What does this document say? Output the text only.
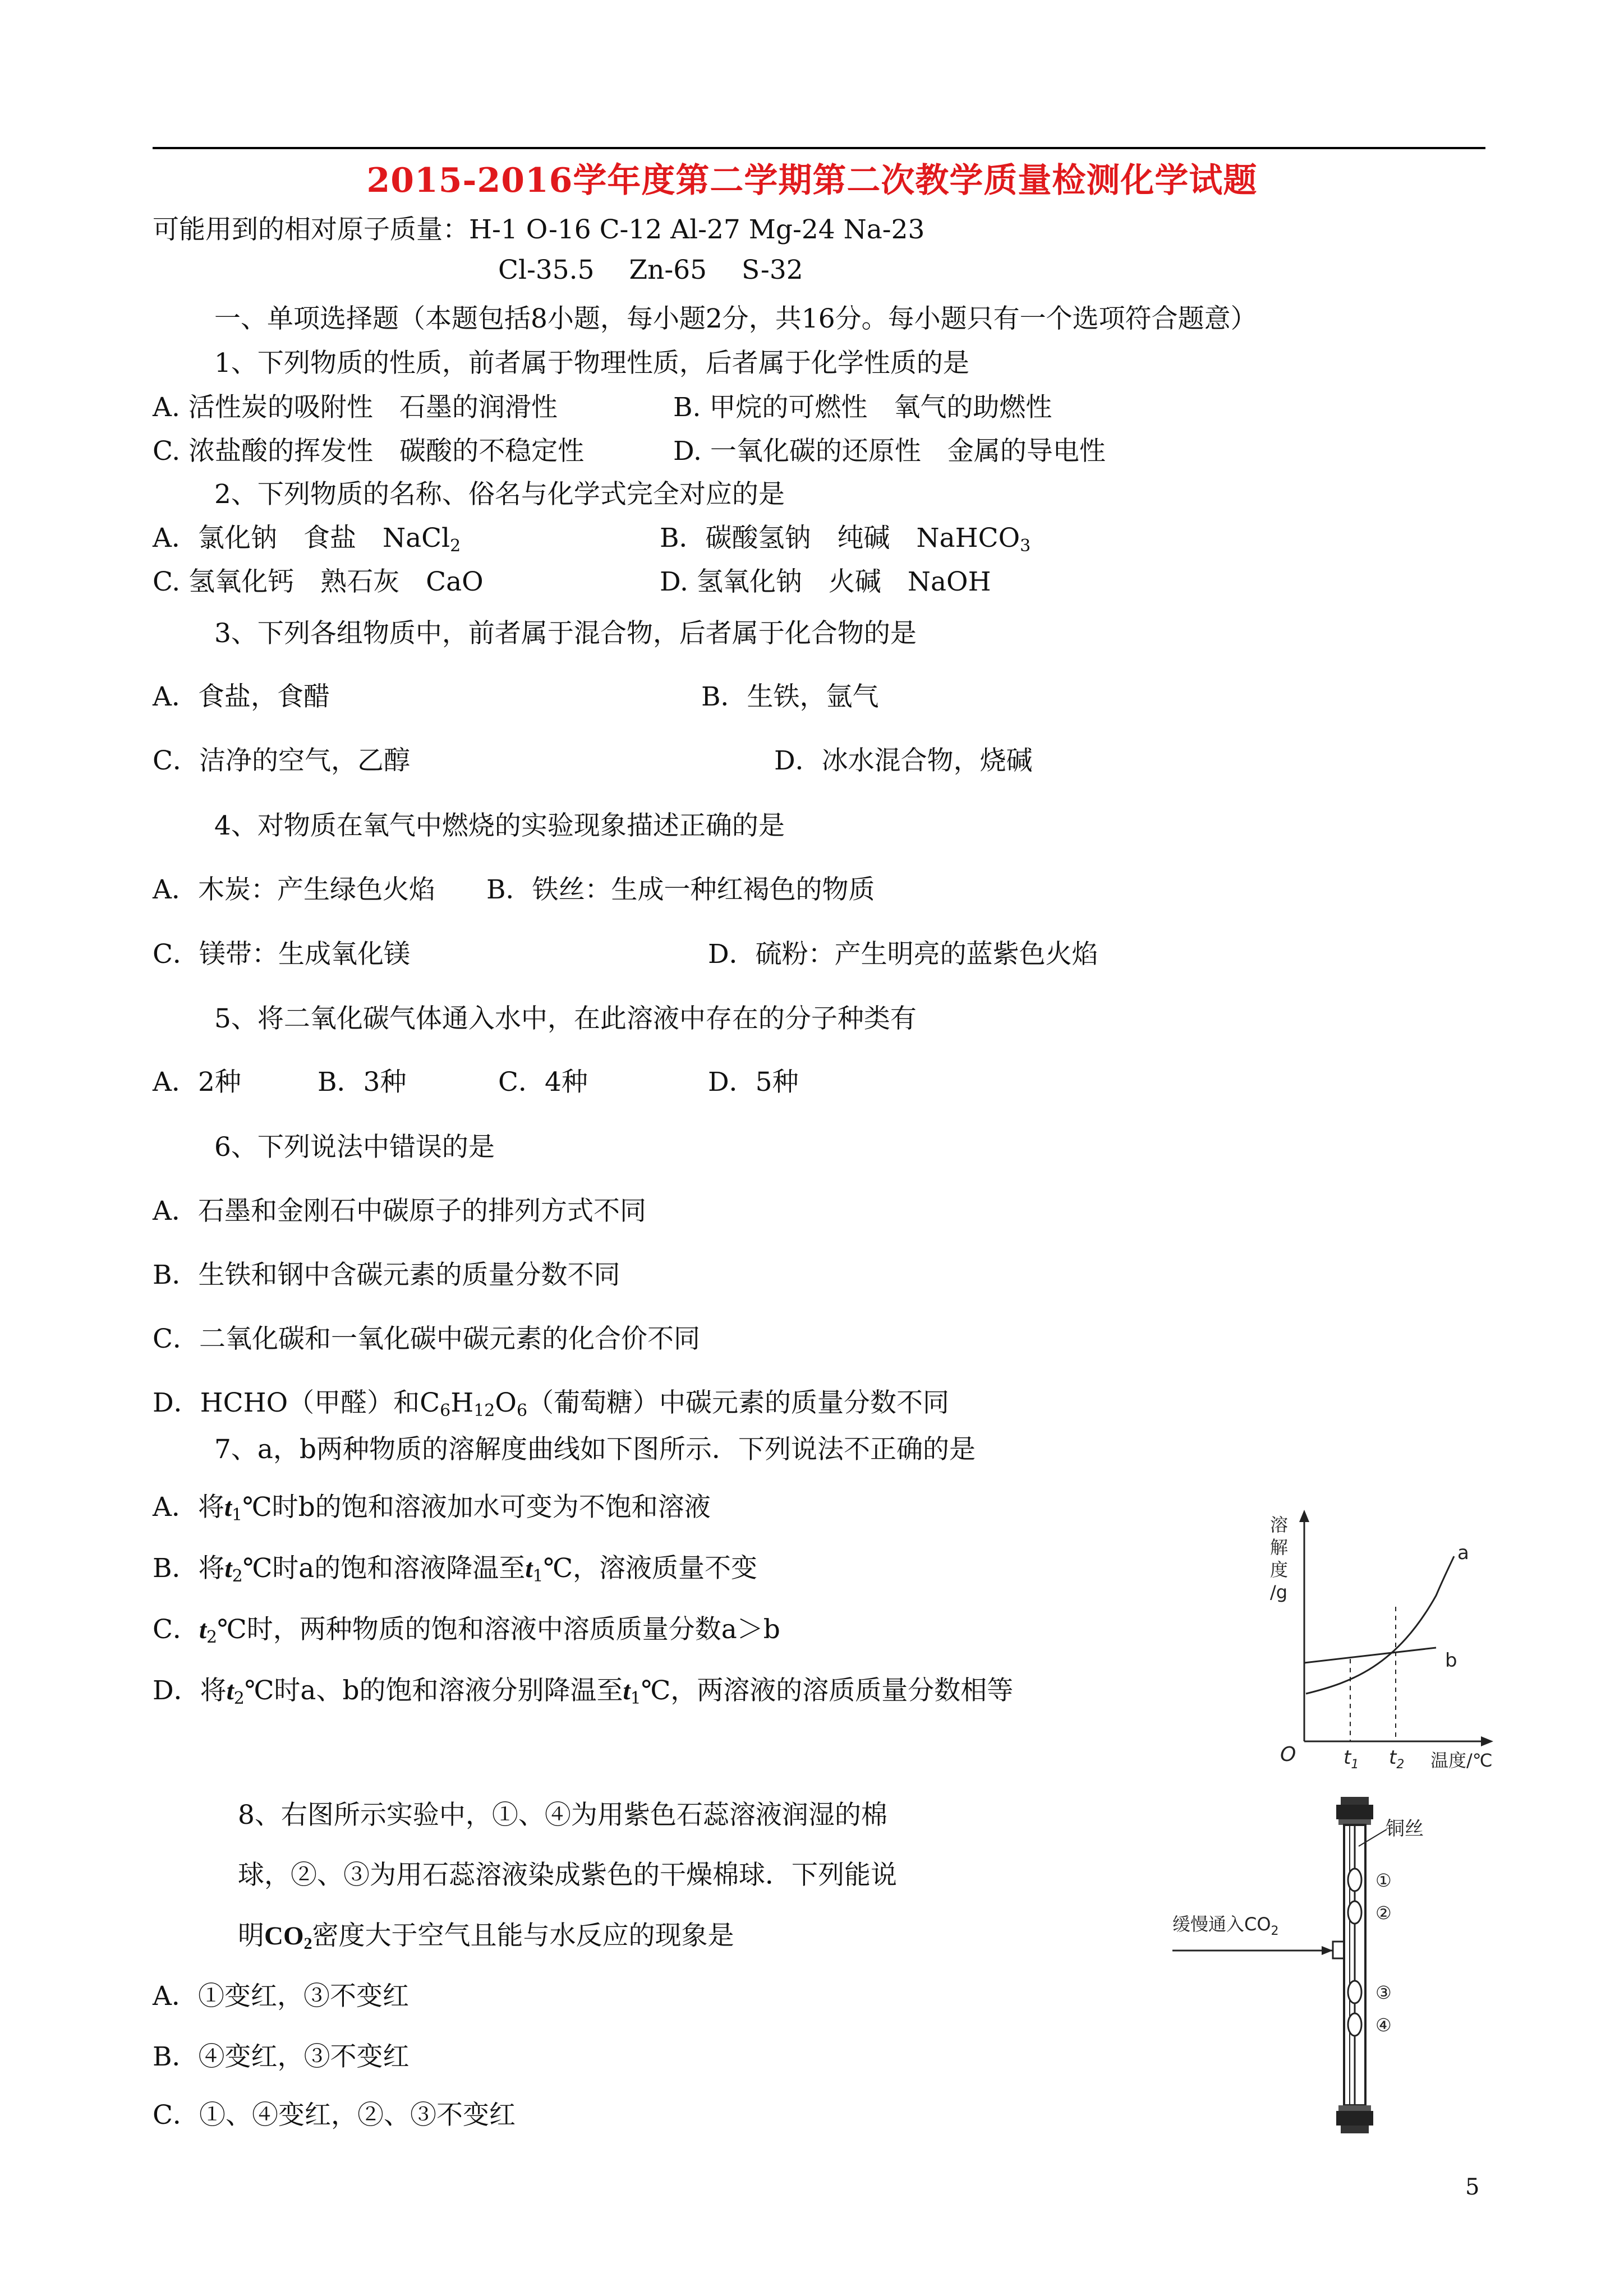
2015-2016学年度第二学期第二次教学质量检测化学试题
可能用到的相对原子质量：H-1 O-16 C-12 Al-27 Mg-24 Na-23
Cl-35.5　 Zn-65　 S-32
一、单项选择题（本题包括8小题，每小题2分，共16分。每小题只有一个选项符合题意）
1、下列物质的性质，前者属于物理性质，后者属于化学性质的是
A. 活性炭的吸附性　石墨的润滑性	B. 甲烷的可燃性　氧气的助燃性
C. 浓盐酸的挥发性　碳酸的不稳定性	D. 一氧化碳的还原性　金属的导电性
2、下列物质的名称、俗名与化学式完全对应的是
A．氯化钠　食盐　NaCl$_2$	B．碳酸氢钠　纯碱　NaHCO$_3$
C. 氢氧化钙　熟石灰　CaO	D. 氢氧化钠　火碱　NaOH
3、下列各组物质中，前者属于混合物，后者属于化合物的是
A．食盐，食醋	B．生铁，氩气
C．洁净的空气，乙醇	D．冰水混合物，烧碱
4、对物质在氧气中燃烧的实验现象描述正确的是
A．木炭：产生绿色火焰 B．铁丝：生成一种红褐色的物质
C．镁带：生成氧化镁	D．硫粉：产生明亮的蓝紫色火焰
5、将二氧化碳气体通入水中，在此溶液中存在的分子种类有
A．2种	B．3种	C．4种	D．5种
6、下列说法中错误的是
A．石墨和金刚石中碳原子的排列方式不同
B．生铁和钢中含碳元素的质量分数不同
C．二氧化碳和一氧化碳中碳元素的化合价不同
D．HCHO（甲醛）和$C_6H_{12}O_6$（葡萄糖）中碳元素的质量分数不同
7、a，b两种物质的溶解度曲线如下图所示．下列说法不正确的是
A．将$t_1℃$时b的饱和溶液加水可变为不饱和溶液
B．将$t_2℃$时a的饱和溶液降温至$t_1℃$，溶液质量不变
C．$t_2℃$时，两种物质的饱和溶液中溶质质量分数a＞b
D．将$t_2℃$时a、b的饱和溶液分别降温至$t_1℃$，两溶液的溶质质量分数相等
溶
解
度
/g
a
b
O $t_1$ $t_2$ 温度/℃
8、右图所示实验中，①、④为用紫色石蕊溶液润湿的棉
球，②、③为用石蕊溶液染成紫色的干燥棉球．下列能说
明$CO_2$密度大于空气且能与水反应的现象是
A．①变红，③不变红
B．④变红，③不变红
C．①、④变红，②、③不变红
缓慢通入$CO_2$
铜丝
①
②
③
④
5
